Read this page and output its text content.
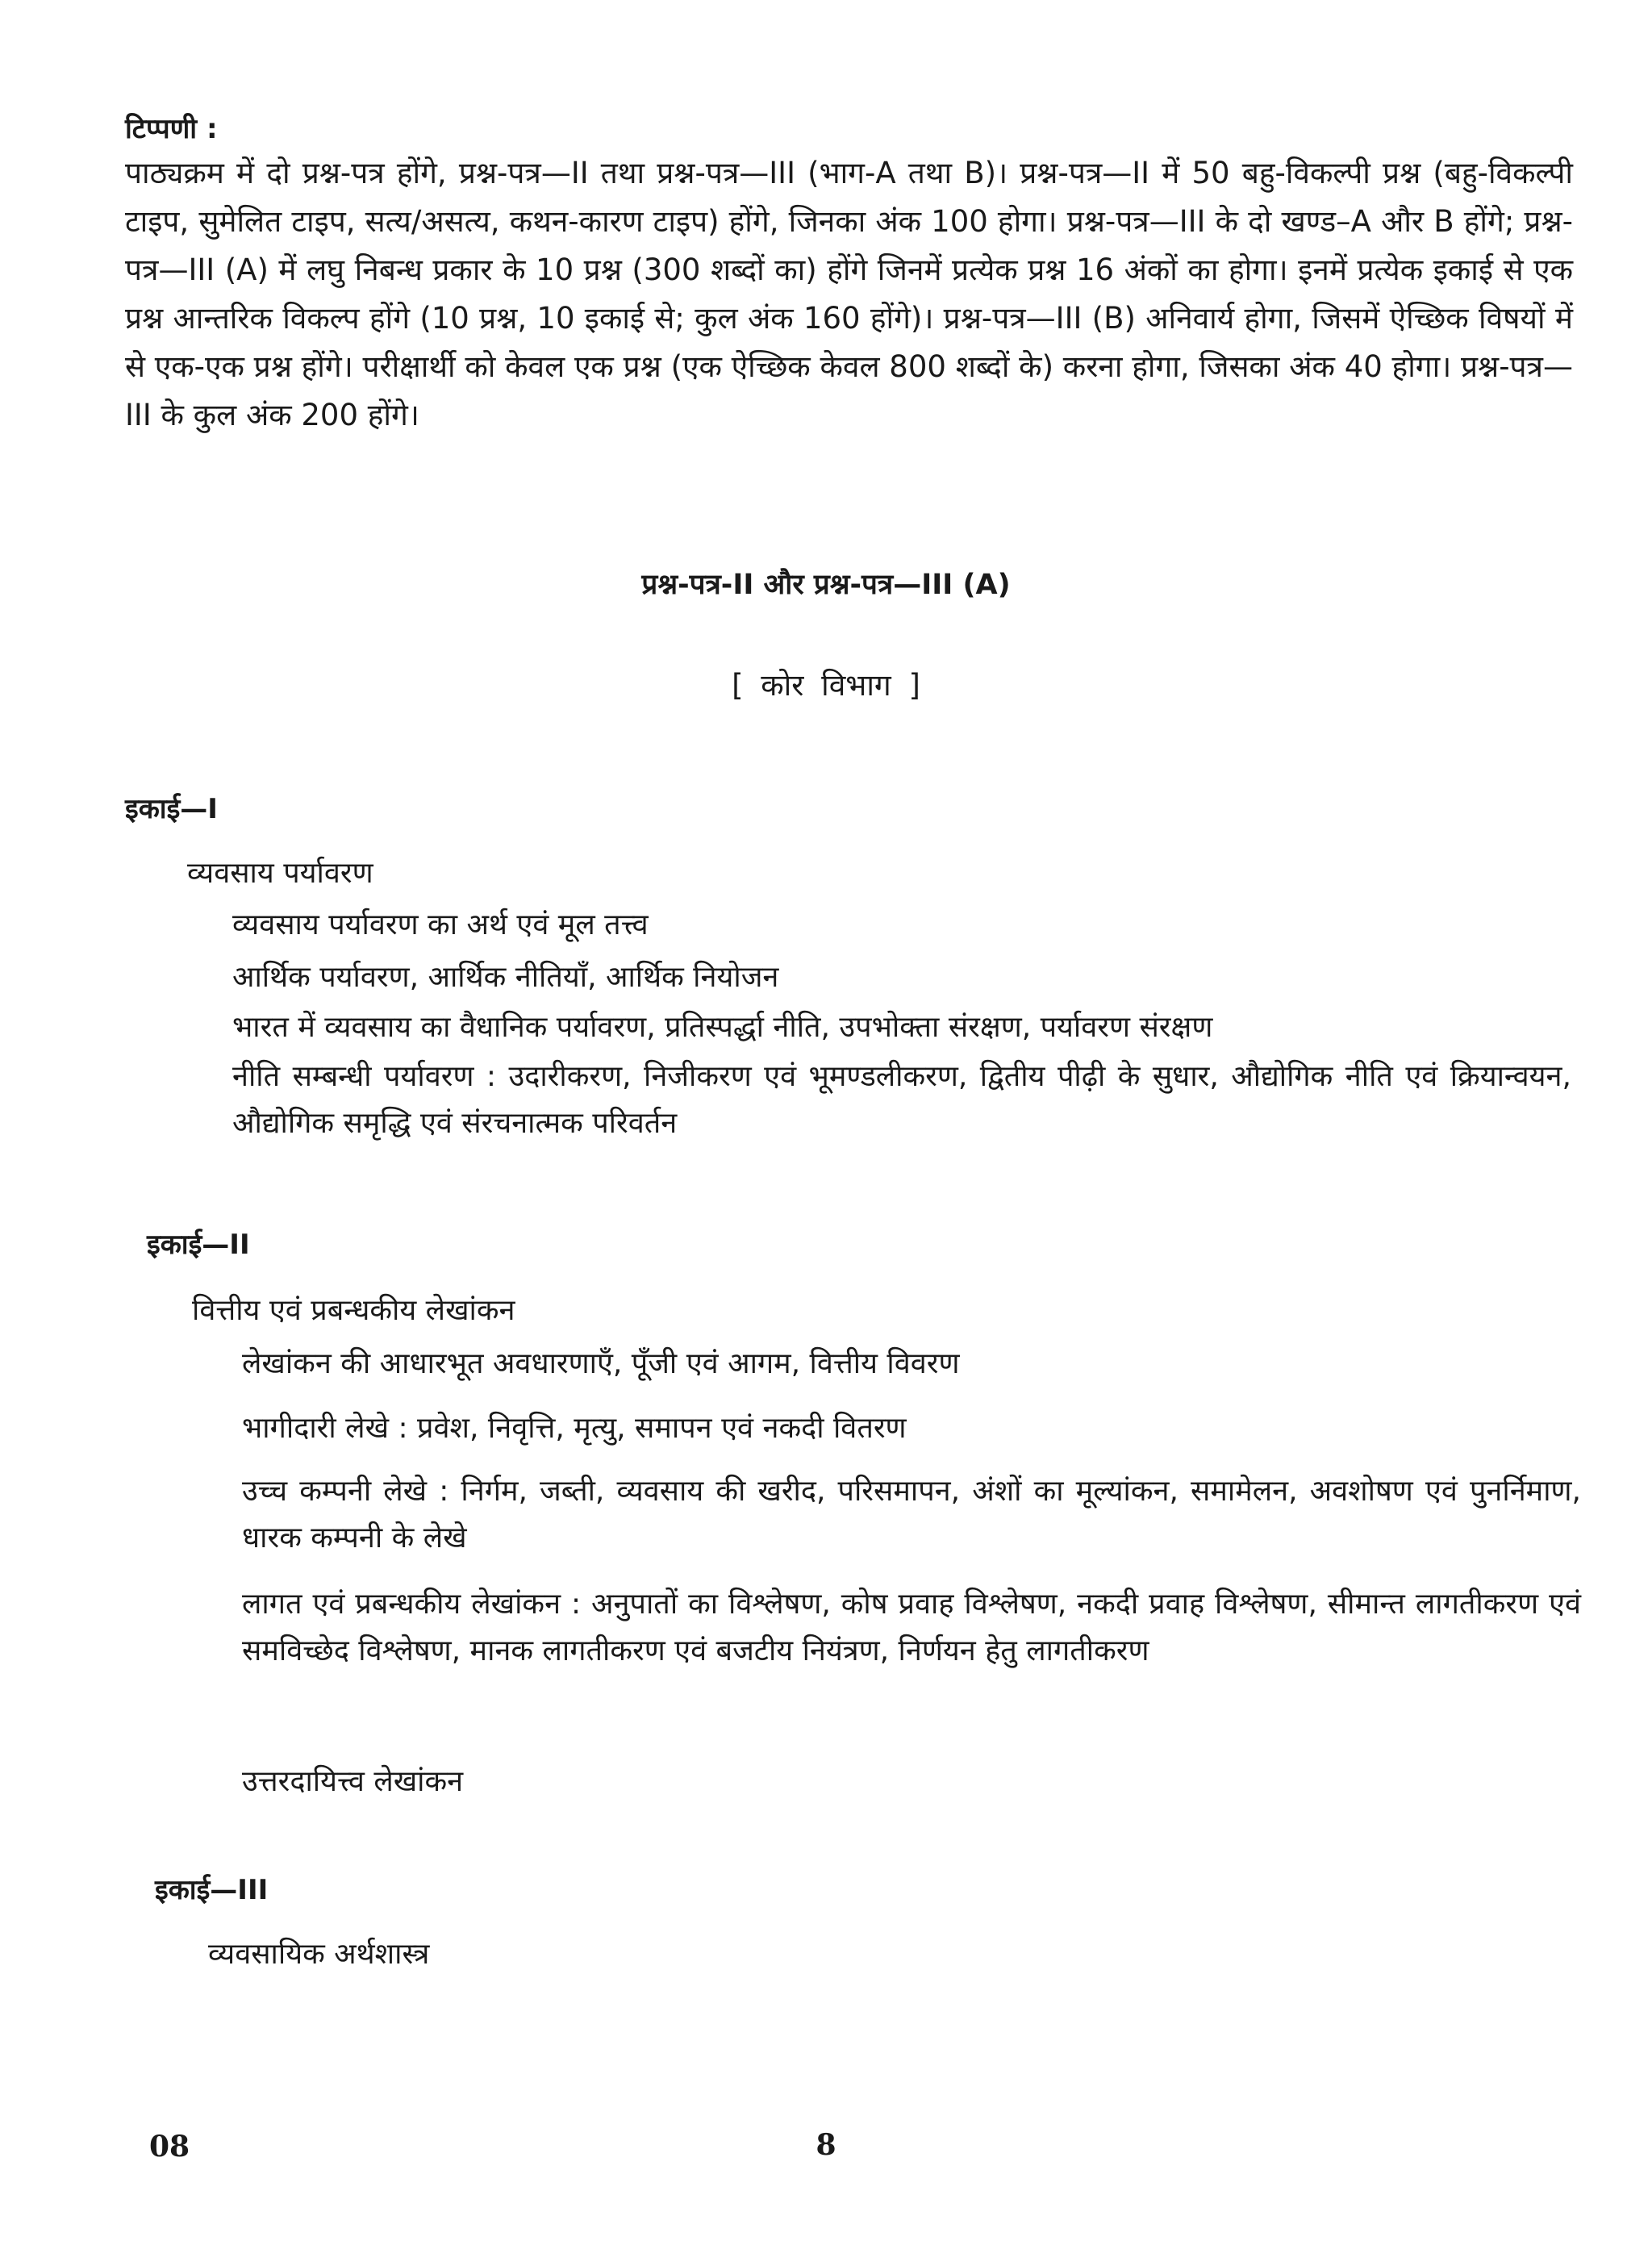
टिप्पणी :
पाठ्यक्रम में दो प्रश्न-पत्र होंगे, प्रश्न-पत्र—II तथा प्रश्न-पत्र—III (भाग-A तथा B)। प्रश्न-पत्र—II में 50 बहु-विकल्पी प्रश्न (बहु-विकल्पी टाइप, सुमेलित टाइप, सत्य/असत्य, कथन-कारण टाइप) होंगे, जिनका अंक 100 होगा। प्रश्न-पत्र—III के दो खण्ड–A और B होंगे; प्रश्न-पत्र—III (A) में लघु निबन्ध प्रकार के 10 प्रश्न (300 शब्दों का) होंगे जिनमें प्रत्येक प्रश्न 16 अंकों का होगा। इनमें प्रत्येक इकाई से एक प्रश्न आन्तरिक विकल्प होंगे (10 प्रश्न, 10 इकाई से; कुल अंक 160 होंगे)। प्रश्न-पत्र—III (B) अनिवार्य होगा, जिसमें ऐच्छिक विषयों में से एक-एक प्रश्न होंगे। परीक्षार्थी को केवल एक प्रश्न (एक ऐच्छिक केवल 800 शब्दों के) करना होगा, जिसका अंक 40 होगा। प्रश्न-पत्र—III के कुल अंक 200 होंगे।
प्रश्न-पत्र-II और प्रश्न-पत्र—III (A)
[ कोर विभाग ]
इकाई—I
व्यवसाय पर्यावरण
व्यवसाय पर्यावरण का अर्थ एवं मूल तत्त्व
आर्थिक पर्यावरण, आर्थिक नीतियाँ, आर्थिक नियोजन
भारत में व्यवसाय का वैधानिक पर्यावरण, प्रतिस्पर्द्धा नीति, उपभोक्ता संरक्षण, पर्यावरण संरक्षण
नीति सम्बन्धी पर्यावरण : उदारीकरण, निजीकरण एवं भूमण्डलीकरण, द्वितीय पीढ़ी के सुधार, औद्योगिक नीति एवं क्रियान्वयन, औद्योगिक समृद्धि एवं संरचनात्मक परिवर्तन
इकाई—II
वित्तीय एवं प्रबन्धकीय लेखांकन
लेखांकन की आधारभूत अवधारणाएँ, पूँजी एवं आगम, वित्तीय विवरण
भागीदारी लेखे : प्रवेश, निवृत्ति, मृत्यु, समापन एवं नकदी वितरण
उच्च कम्पनी लेखे : निर्गम, जब्ती, व्यवसाय की खरीद, परिसमापन, अंशों का मूल्यांकन, समामेलन, अवशोषण एवं पुनर्निमाण, धारक कम्पनी के लेखे
लागत एवं प्रबन्धकीय लेखांकन : अनुपातों का विश्लेषण, कोष प्रवाह विश्लेषण, नकदी प्रवाह विश्लेषण, सीमान्त लागतीकरण एवं समविच्छेद विश्लेषण, मानक लागतीकरण एवं बजटीय नियंत्रण, निर्णयन हेतु लागतीकरण
उत्तरदायित्त्व लेखांकन
इकाई—III
व्यवसायिक अर्थशास्त्र
08	8
